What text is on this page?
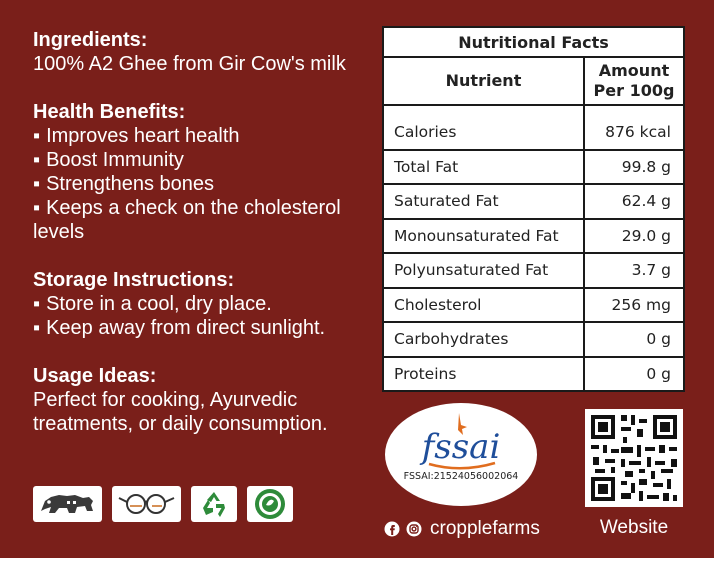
Ingredients:

100% A2 Ghee from Gir Cow's milk

Health Benefits:
▪ Improves heart health
▪ Boost Immunity
▪ Strengthens bones
▪ Keeps a check on the cholesterol levels
Storage Instructions:
▪ Store in a cool, dry place.
▪ Keep away from direct sunlight.
Usage Ideas:

Perfect for cooking, Ayurvedic treatments, or daily consumption.

Nutritional Facts	
Nutrient	Amount Per 100g

Calories	876 kcal
Total Fat	99.8 g
Saturated Fat	62.4 g
Monounsaturated Fat	29.0 g
Polyunsaturated Fat	3.7 g
Cholesterol	256 mg
Carbohydrates	0 g
Proteins	0 g
fssai
FSSAI:21524056002064
cropplefarms	Website
